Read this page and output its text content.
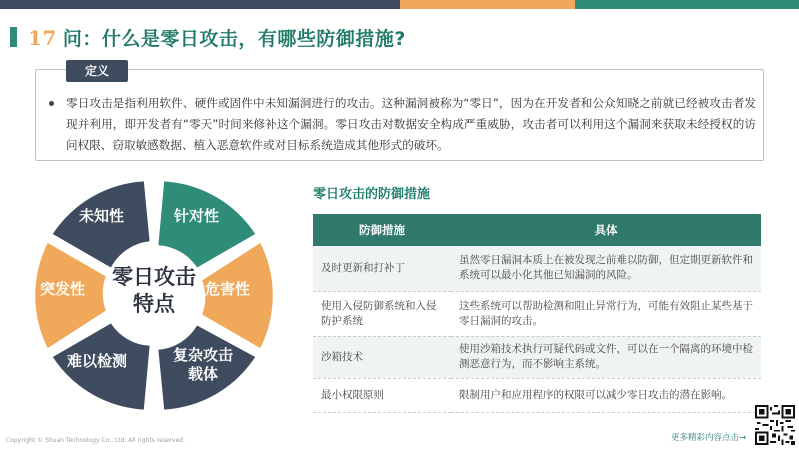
17 问：什么是零日攻击，有哪些防御措施?
定义
零日攻击是指利用软件、硬件或固件中未知漏洞进行的攻击。这种漏洞被称为“零日”，因为在开发者和公众知晓之前就已经被攻击者发现并利用，即开发者有“零天”时间来修补这个漏洞。零日攻击对数据安全构成严重威胁，攻击者可以利用这个漏洞来获取未经授权的访问权限、窃取敏感数据、植入恶意软件或对目标系统造成其他形式的破坏。
针对性
危害性
复杂攻击
载体
难以检测
突发性
未知性
零日攻击
特点
零日攻击的防御措施
防御措施	具体
及时更新和打补丁	虽然零日漏洞本质上在被发现之前难以防御，但定期更新软件和系统可以最小化其他已知漏洞的风险。
使用入侵防御系统和入侵防护系统	这些系统可以帮助检测和阻止异常行为，可能有效阻止某些基于零日漏洞的攻击。
沙箱技术	使用沙箱技术执行可疑代码或文件，可以在一个隔离的环境中检测恶意行为，而不影响主系统。
最小权限原则	限制用户和应用程序的权限可以减少零日攻击的潜在影响。
Copyright © Shuan Technology Co., Ltd. All rights reserved.	更多精彩内容点击→
